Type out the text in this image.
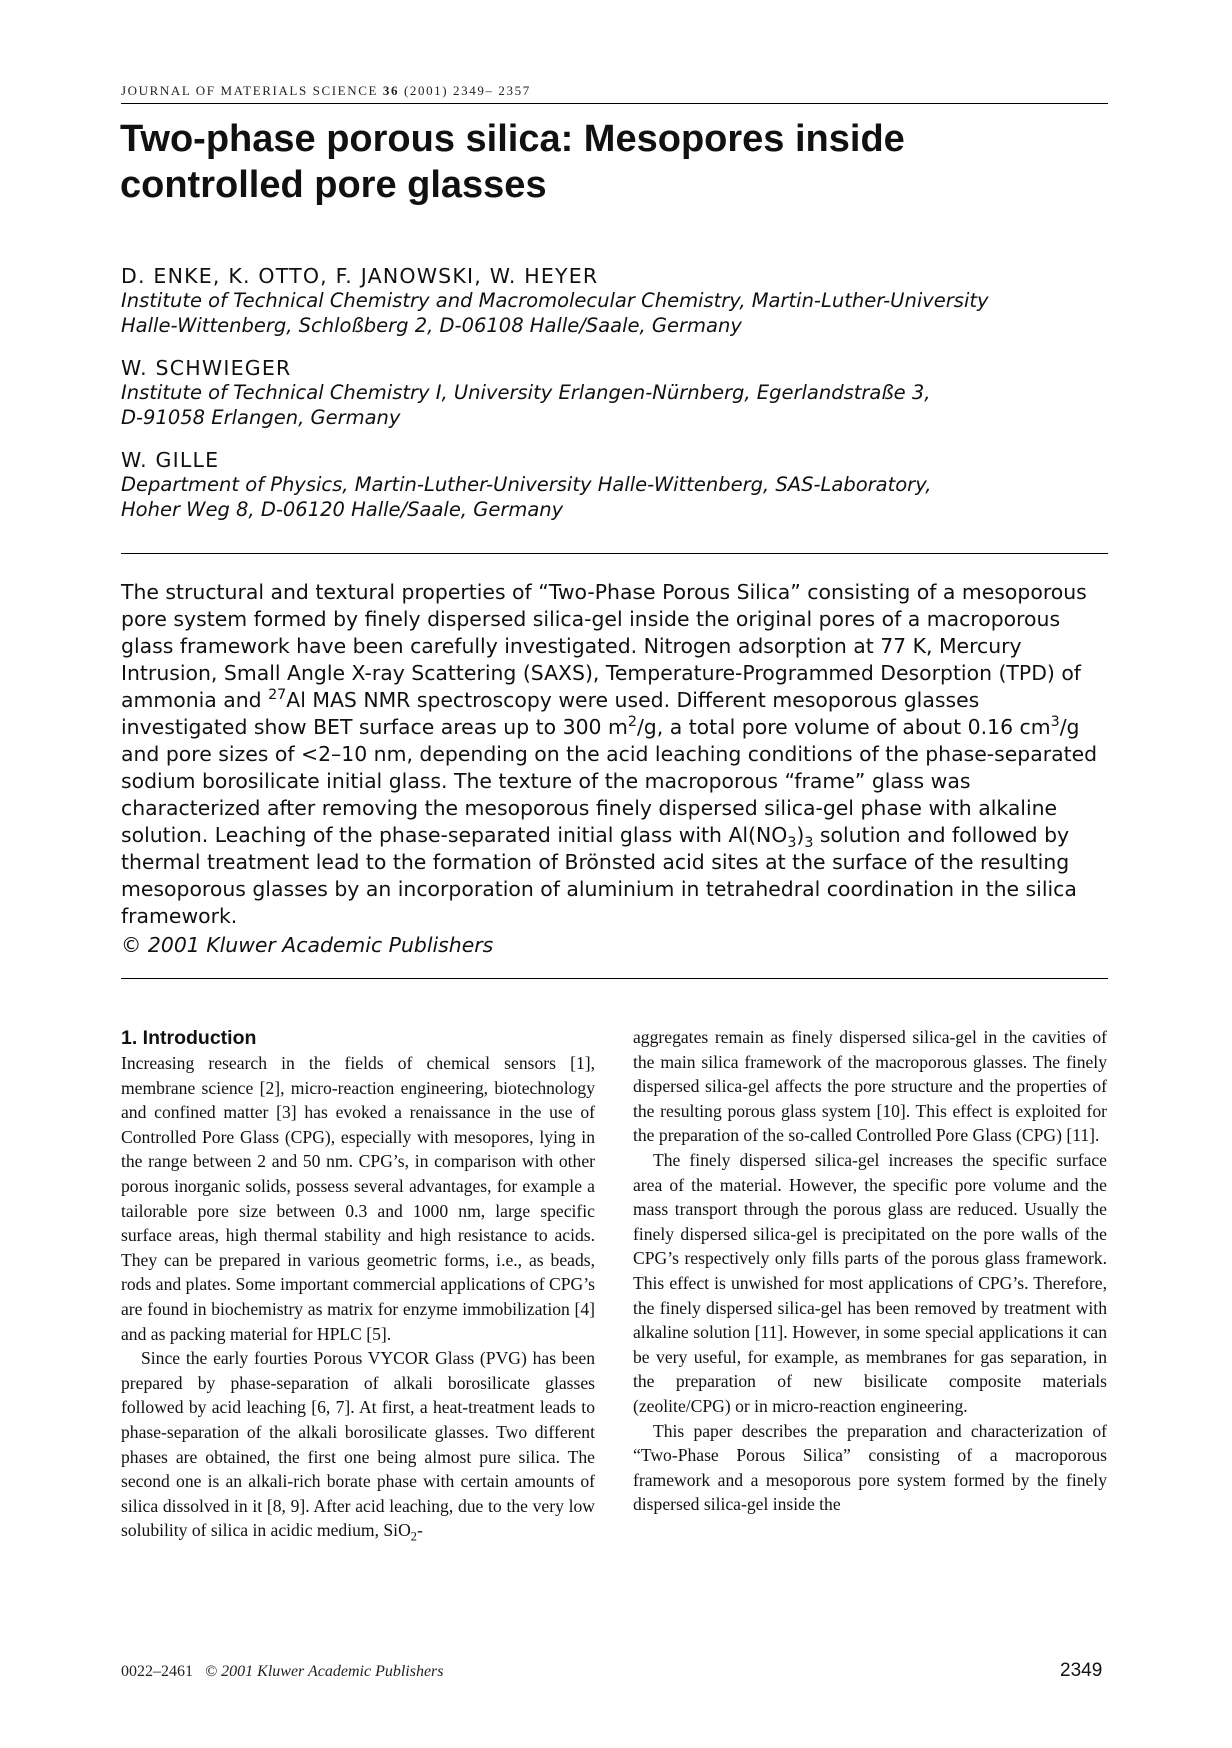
JOURNAL OF MATERIALS SCIENCE 36 (2001) 2349– 2357
Two-phase porous silica: Mesopores inside
controlled pore glasses
D. ENKE, K. OTTO, F. JANOWSKI, W. HEYER
Institute of Technical Chemistry and Macromolecular Chemistry, Martin-Luther-University
Halle-Wittenberg, Schloßberg 2, D-06108 Halle/Saale, Germany
W. SCHWIEGER
Institute of Technical Chemistry I, University Erlangen-Nürnberg, Egerlandstraße 3,
D-91058 Erlangen, Germany
W. GILLE
Department of Physics, Martin-Luther-University Halle-Wittenberg, SAS-Laboratory,
Hoher Weg 8, D-06120 Halle/Saale, Germany

The structural and textural properties of “Two-Phase Porous Silica” consisting of a mesoporous pore system formed by finely dispersed silica-gel inside the original pores of a macroporous glass framework have been carefully investigated. Nitrogen adsorption at 77 K, Mercury Intrusion, Small Angle X-ray Scattering (SAXS), Temperature-Programmed Desorption (TPD) of ammonia and $^{27}$Al MAS NMR spectroscopy were used. Different mesoporous glasses investigated show BET surface areas up to 300 $m^2/g$, a total pore volume of about 0.16 $cm^3/g$ and pore sizes of <2–10 nm, depending on the acid leaching conditions of the phase-separated sodium borosilicate initial glass. The texture of the macroporous “frame” glass was characterized after removing the mesoporous finely dispersed silica-gel phase with alkaline solution. Leaching of the phase-separated initial glass with $Al(NO_3)_3$ solution and followed by thermal treatment lead to the formation of Brönsted acid sites at the surface of the resulting mesoporous glasses by an incorporation of aluminium in tetrahedral coordination in the silica framework.

© 2001 Kluwer Academic Publishers
1. Introduction

Increasing research in the fields of chemical sensors [1], membrane science [2], micro-reaction engineering, biotechnology and confined matter [3] has evoked a renaissance in the use of Controlled Pore Glass (CPG), especially with mesopores, lying in the range between 2 and 50 nm. CPG’s, in comparison with other porous inorganic solids, possess several advantages, for example a tailorable pore size between 0.3 and 1000 nm, large specific surface areas, high thermal stability and high resistance to acids. They can be prepared in various geometric forms, i.e., as beads, rods and plates. Some important commercial applications of CPG’s are found in biochemistry as matrix for enzyme immobilization [4] and as packing material for HPLC [5].

Since the early fourties Porous VYCOR Glass (PVG) has been prepared by phase-separation of alkali borosilicate glasses followed by acid leaching [6, 7]. At first, a heat-treatment leads to phase-separation of the alkali borosilicate glasses. Two different phases are obtained, the first one being almost pure silica. The second one is an alkali-rich borate phase with certain amounts of silica dissolved in it [8, 9]. After acid leaching, due to the very low solubility of silica in acidic medium, SiO$_2$-

aggregates remain as finely dispersed silica-gel in the cavities of the main silica framework of the macroporous glasses. The finely dispersed silica-gel affects the pore structure and the properties of the resulting porous glass system [10]. This effect is exploited for the preparation of the so-called Controlled Pore Glass (CPG) [11].

The finely dispersed silica-gel increases the specific surface area of the material. However, the specific pore volume and the mass transport through the porous glass are reduced. Usually the finely dispersed silica-gel is precipitated on the pore walls of the CPG’s respectively only fills parts of the porous glass framework. This effect is unwished for most applications of CPG’s. Therefore, the finely dispersed silica-gel has been removed by treatment with alkaline solution [11]. However, in some special applications it can be very useful, for example, as membranes for gas separation, in the preparation of new bisilicate composite materials (zeolite/CPG) or in micro-reaction engineering.

This paper describes the preparation and characterization of “Two-Phase Porous Silica” consisting of a macroporous framework and a mesoporous pore system formed by the finely dispersed silica-gel inside the

0022–2461 © 2001 Kluwer Academic Publishers	2349
